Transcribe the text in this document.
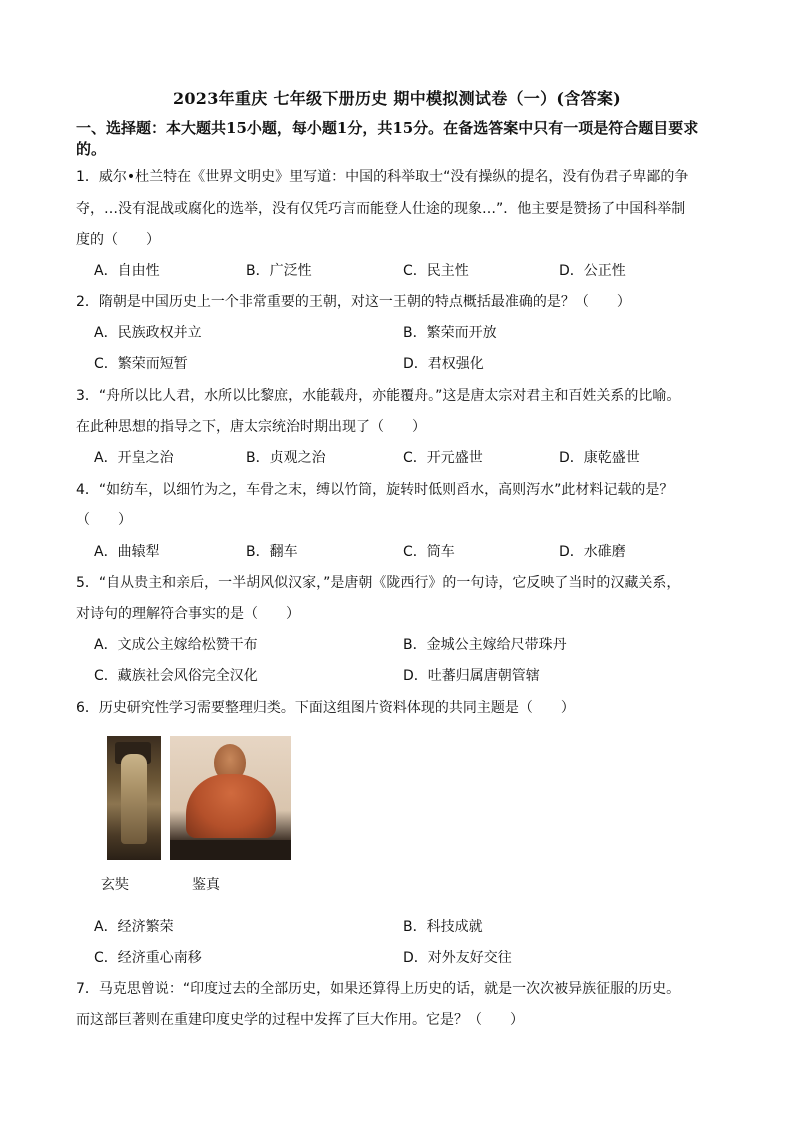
2023年重庆 七年级下册历史 期中模拟测试卷（一）(含答案)
一、选择题：本大题共15小题，每小题1分，共15分。在备选答案中只有一项是符合题目要求的。
1．威尔•杜兰特在《世界文明史》里写道：中国的科举取士“没有操纵的提名，没有伪君子卑鄙的争
夺，…没有混战或腐化的选举，没有仅凭巧言而能登人仕途的现象…”．他主要是赞扬了中国科举制
度的（　　）
A．自由性	B．广泛性	C．民主性	D．公正性
2．隋朝是中国历史上一个非常重要的王朝，对这一王朝的特点概括最准确的是？（　　）
A．民族政权并立	B．繁荣而开放
C．繁荣而短暂	D．君权强化
3．“舟所以比人君，水所以比黎庶，水能载舟，亦能覆舟。”这是唐太宗对君主和百姓关系的比喻。
在此种思想的指导之下，唐太宗统治时期出现了（　　）
A．开皇之治	B．贞观之治	C．开元盛世	D．康乾盛世
4．“如纺车，以细竹为之，车骨之末，缚以竹筒，旋转时低则舀水，高则泻水”此材料记载的是？
（　　）
A．曲辕犁	B．翻车	C．筒车	D．水碓磨
5．“自从贵主和亲后，一半胡风似汉家，”是唐朝《陇西行》的一句诗，它反映了当时的汉藏关系，
对诗句的理解符合事实的是（　　）
A．文成公主嫁给松赞干布	B．金城公主嫁给尺带珠丹
C．藏族社会风俗完全汉化	D．吐蕃归属唐朝管辖
6．历史研究性学习需要整理归类。下面这组图片资料体现的共同主题是（　　）
玄奘	鉴真
A．经济繁荣	B．科技成就
C．经济重心南移	D．对外友好交往
7．马克思曾说：“印度过去的全部历史，如果还算得上历史的话，就是一次次被异族征服的历史。
而这部巨著则在重建印度史学的过程中发挥了巨大作用。它是？（　　）
